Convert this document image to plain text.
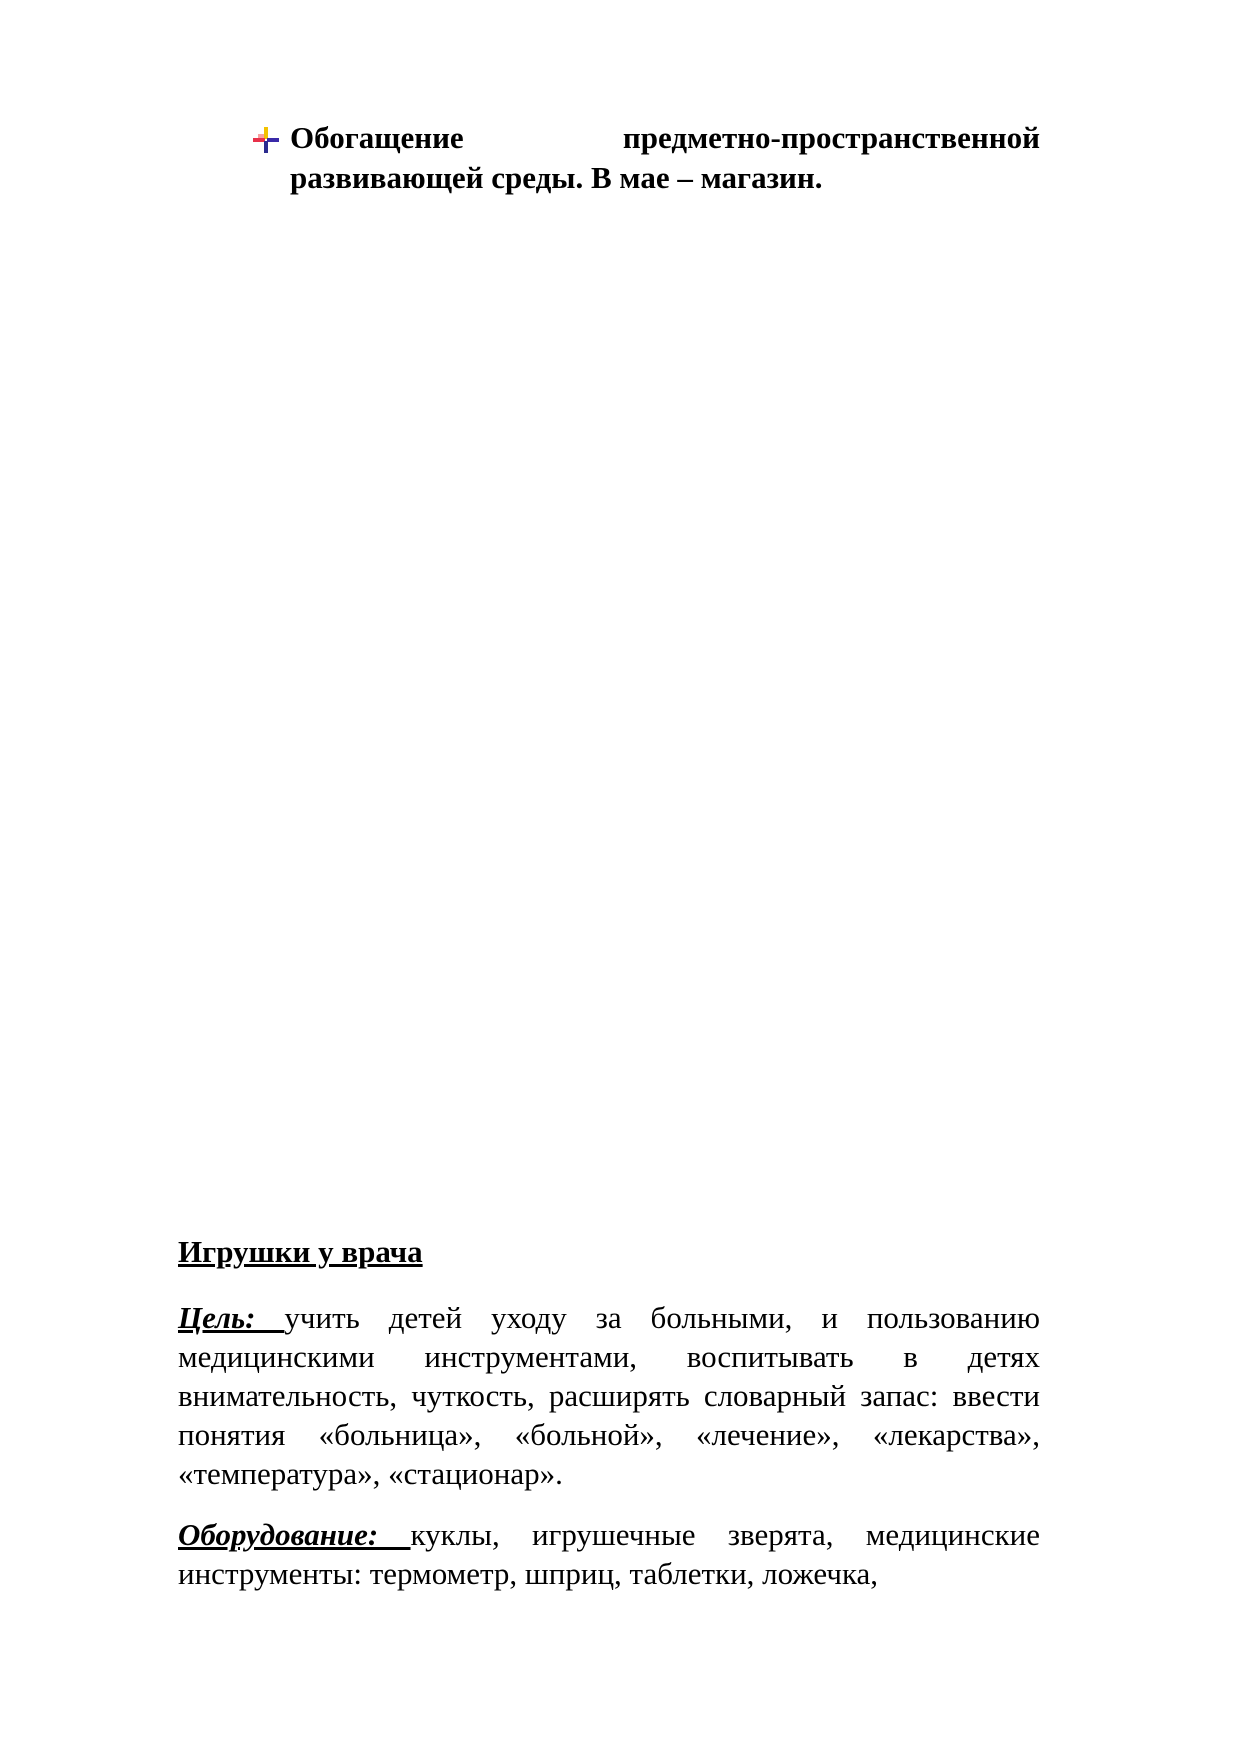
Обогащение предметно-пространственной развивающей среды. В мае – магазин.

Игрушки у врача

Цель: учить детей уходу за больными, и пользованию медицинскими инструментами, воспитывать в детях внимательность, чуткость, расширять словарный запас: ввести понятия «больница», «больной», «лечение», «лекарства», «температура», «стационар».

Оборудование: куклы, игрушечные зверята, медицинские инструменты: термометр, шприц, таблетки, ложечка,
